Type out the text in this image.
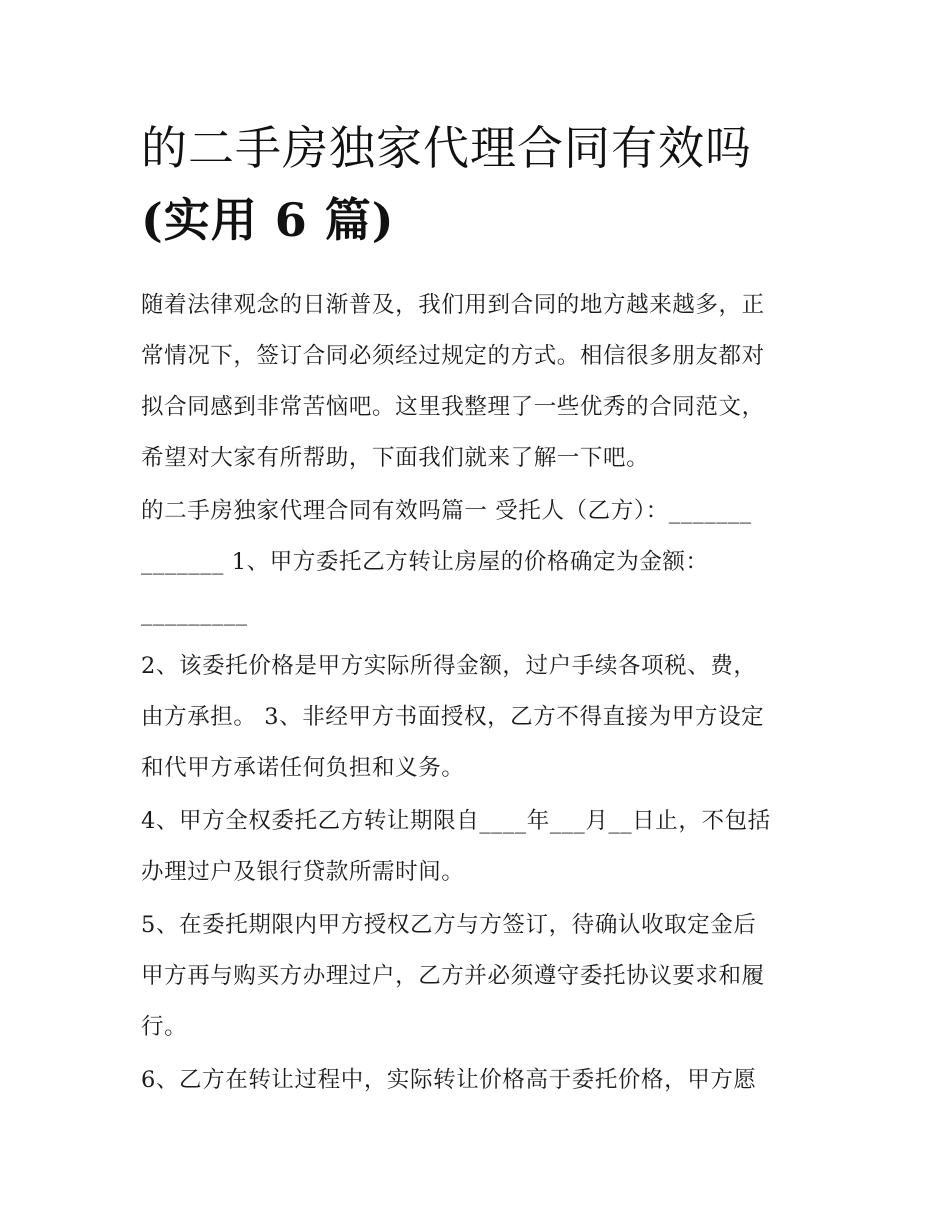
的二手房独家代理合同有效吗
(实用 6 篇)

随着法律观念的日渐普及，我们用到合同的地方越来越多，正
常情况下，签订合同必须经过规定的方式。相信很多朋友都对
拟合同感到非常苦恼吧。这里我整理了一些优秀的合同范文，
希望对大家有所帮助，下面我们就来了解一下吧。

的二手房独家代理合同有效吗篇一 受托人（乙方）：_______
_______ 1、甲方委托乙方转让房屋的价格确定为金额：
_________

2、该委托价格是甲方实际所得金额，过户手续各项税、费，
由方承担。 3、非经甲方书面授权，乙方不得直接为甲方设定
和代甲方承诺任何负担和义务。

4、甲方全权委托乙方转让期限自____年___月__日止，不包括
办理过户及银行贷款所需时间。

5、在委托期限内甲方授权乙方与方签订，待确认收取定金后
甲方再与购买方办理过户，乙方并必须遵守委托协议要求和履
行。

6、乙方在转让过程中，实际转让价格高于委托价格，甲方愿
